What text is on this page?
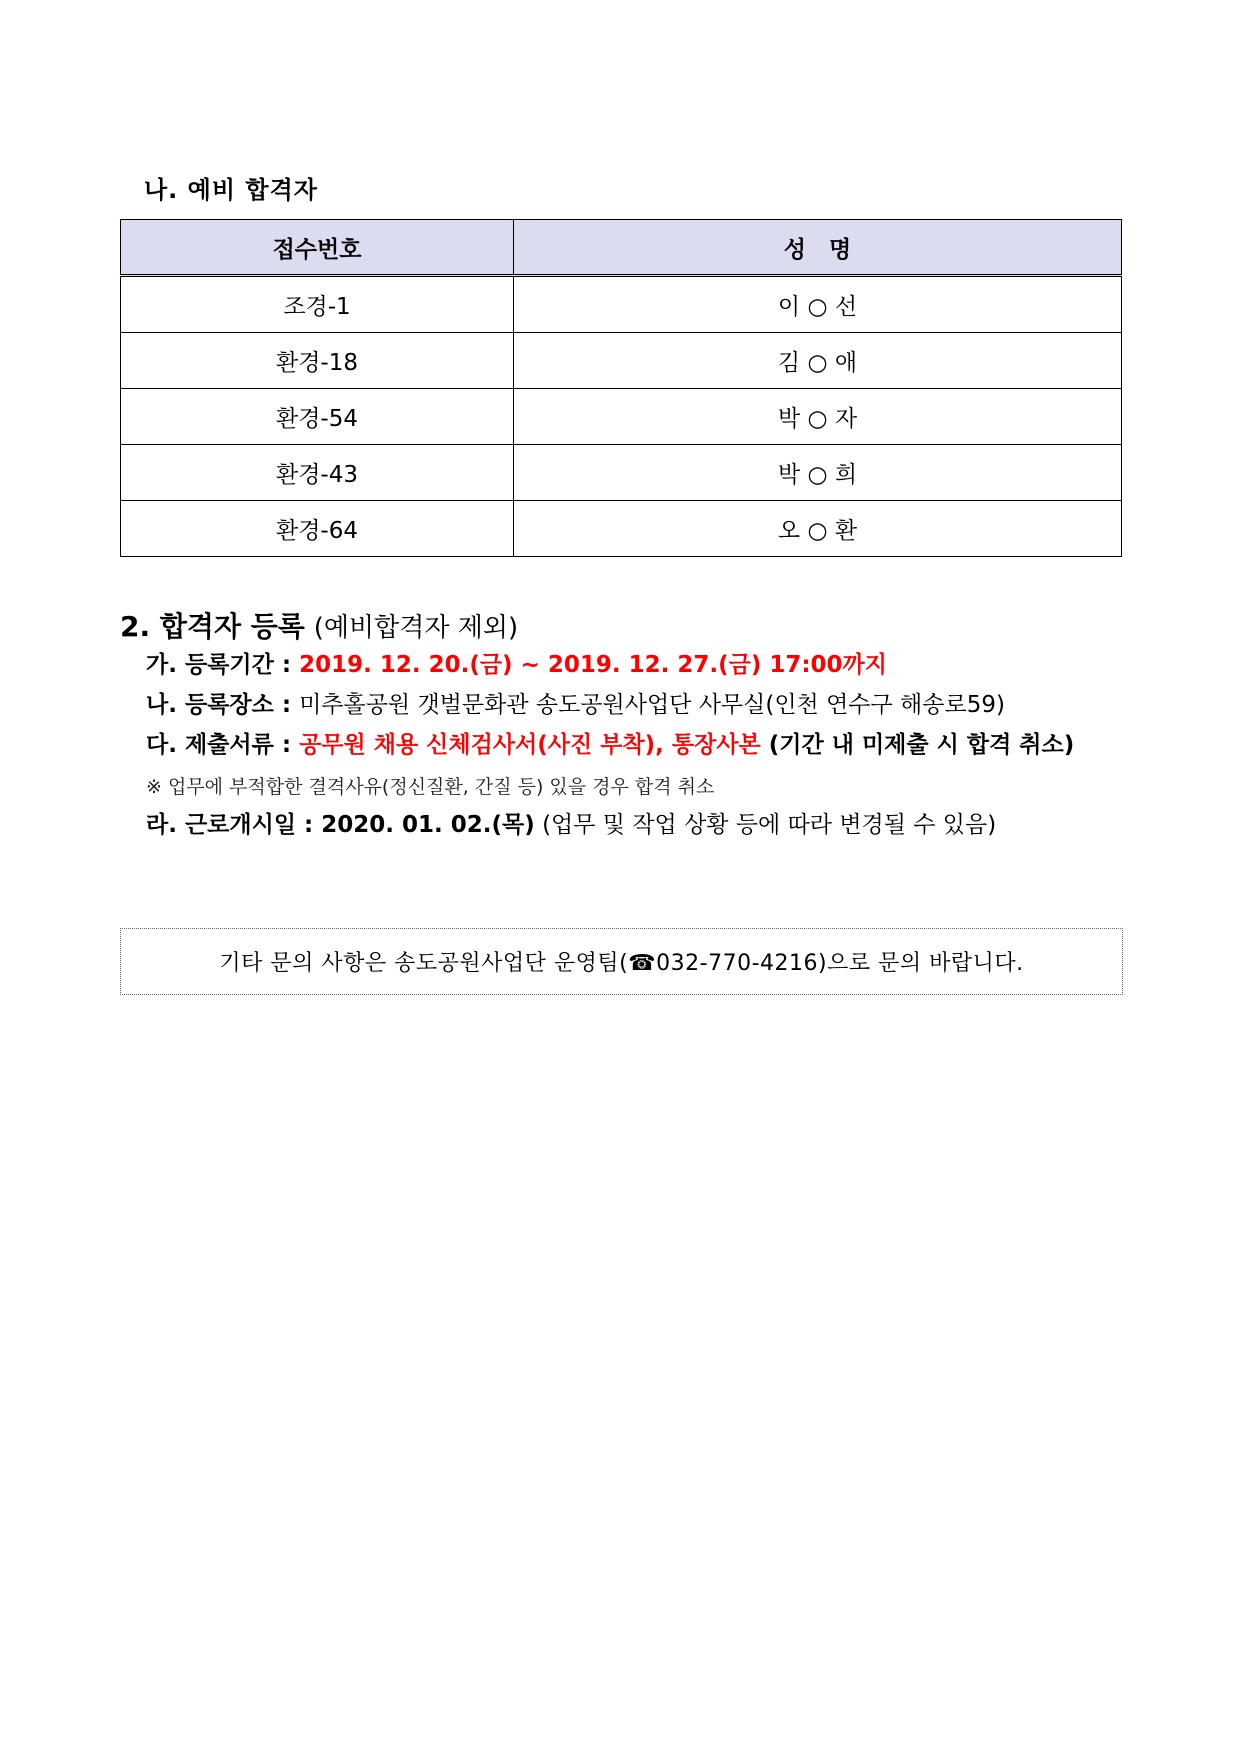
나. 예비 합격자
접수번호	성　명
조경-1	이 ○ 선
환경-18	김 ○ 애
환경-54	박 ○ 자
환경-43	박 ○ 희
환경-64	오 ○ 환
2. 합격자 등록 (예비합격자 제외)
가. 등록기간 : 2019. 12. 20.(금) ~ 2019. 12. 27.(금) 17:00까지
나. 등록장소 : 미추홀공원 갯벌문화관 송도공원사업단 사무실(인천 연수구 해송로59)
다. 제출서류 : 공무원 채용 신체검사서(사진 부착), 통장사본 (기간 내 미제출 시 합격 취소)
※ 업무에 부적합한 결격사유(정신질환, 간질 등) 있을 경우 합격 취소
라. 근로개시일 : 2020. 01. 02.(목) (업무 및 작업 상황 등에 따라 변경될 수 있음)
기타 문의 사항은 송도공원사업단 운영팀(☎032-770-4216)으로 문의 바랍니다.
